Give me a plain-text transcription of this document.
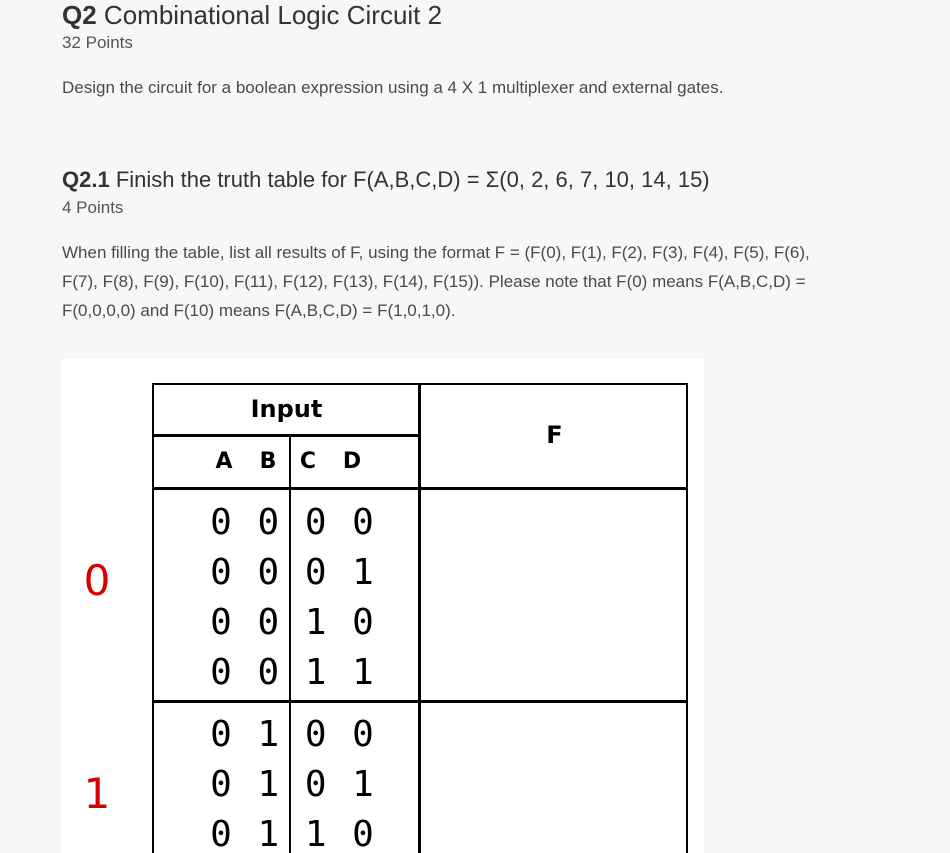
Q2 Combinational Logic Circuit 2
32 Points
Design the circuit for a boolean expression using a 4 X 1 multiplexer and external gates.
Q2.1 Finish the truth table for F(A,B,C,D) = Σ(0, 2, 6, 7, 10, 14, 15)
4 Points
When filling the table, list all results of F, using the format F = (F(0), F(1), F(2), F(3), F(4), F(5), F(6),
F(7), F(8), F(9), F(10), F(11), F(12), F(13), F(14), F(15)). Please note that F(0) means F(A,B,C,D) =
F(0,0,0,0) and F(10) means F(A,B,C,D) = F(1,0,1,0).
0
1
Input
F
A B C D
0 0 0 0
0 0 0 1
0 0 1 0
0 0 1 1
0 1 0 0
0 1 0 1
0 1 1 0
